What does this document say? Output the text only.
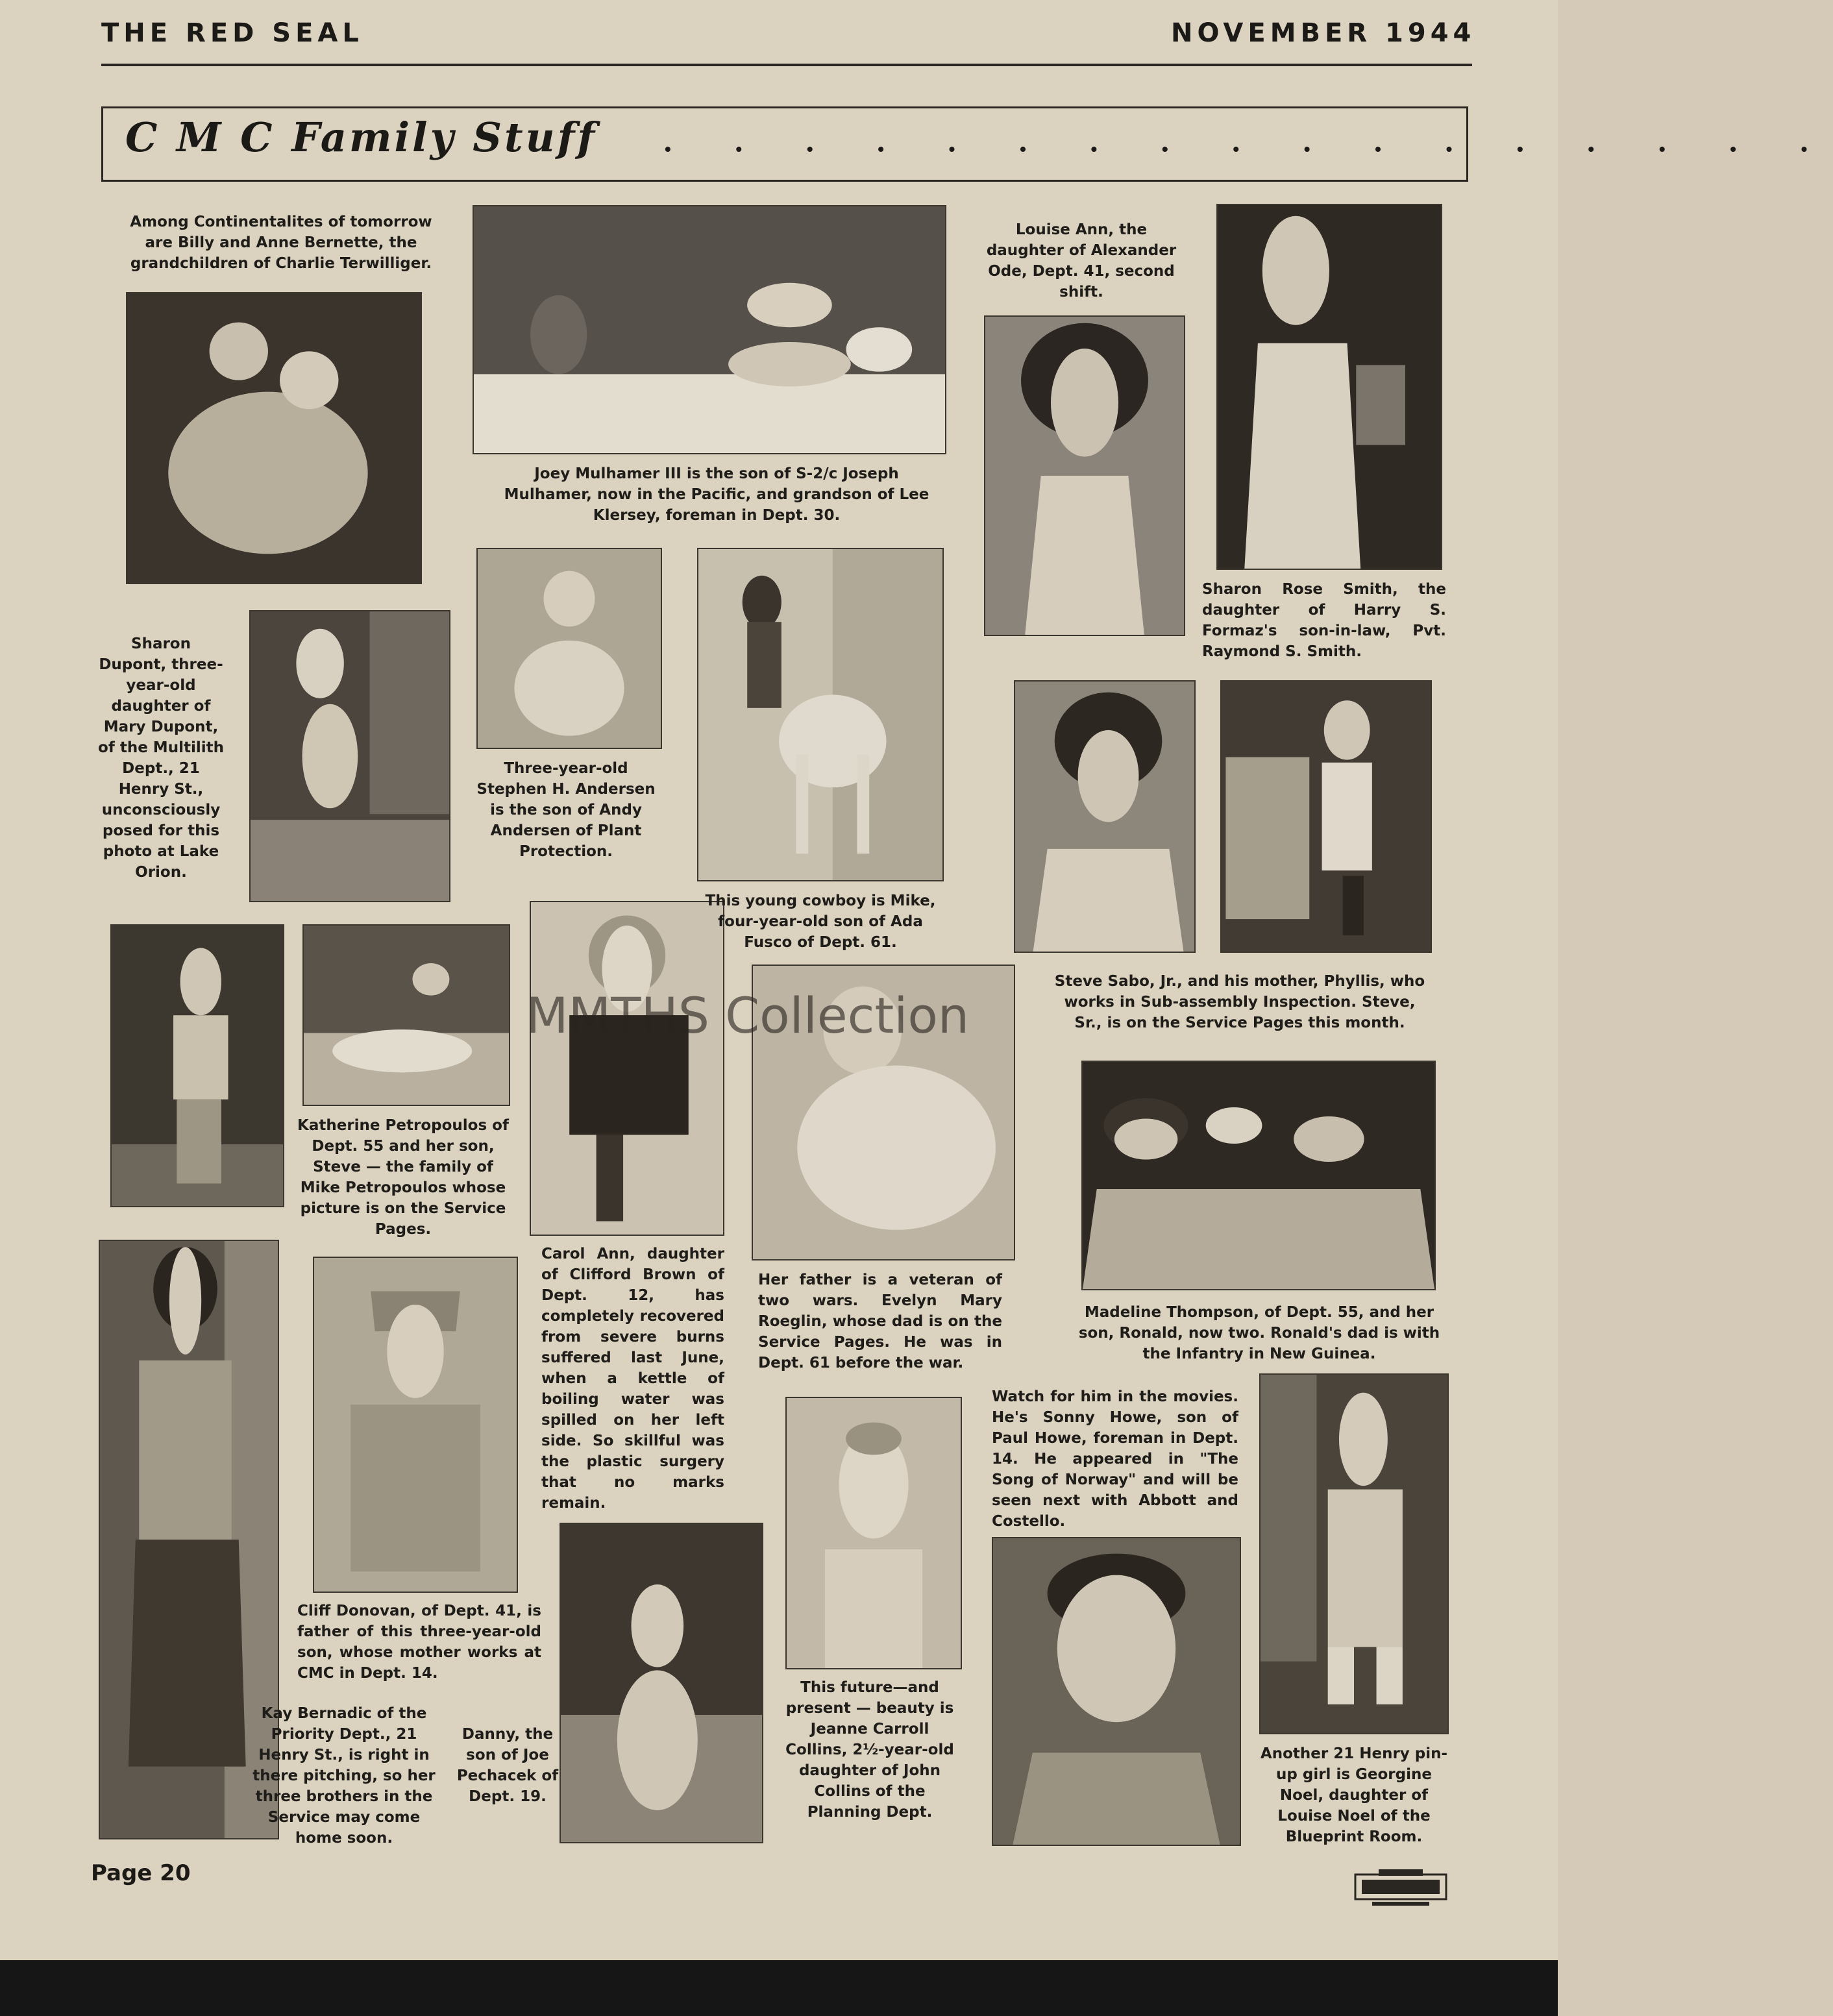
THE RED SEAL	NOVEMBER 1944
C M C Family Stuff . . . . . . . . . . . . . . . . .

Among Continentalites of tomorrow are Billy and Anne Bernette, the grandchildren of Charlie Terwilliger.

Joey Mulhamer III is the son of S-2/c Joseph Mulhamer, now in the Pacific, and grandson of Lee Klersey, foreman in Dept. 30.

Louise Ann, the daughter of Alexander Ode, Dept. 41, second shift.

Sharon Rose Smith, the daughter of Harry S. Formaz's son-in-law, Pvt. Raymond S. Smith.

Sharon Dupont, three-year-old daughter of Mary Dupont, of the Multilith Dept., 21 Henry St., unconsciously posed for this photo at Lake Orion.

Three-year-old Stephen H. Andersen is the son of Andy Andersen of Plant Protection.

This young cowboy is Mike, four-year-old son of Ada Fusco of Dept. 61.

Steve Sabo, Jr., and his mother, Phyllis, who works in Sub-assembly Inspection. Steve, Sr., is on the Service Pages this month.

Katherine Petropoulos of Dept. 55 and her son, Steve — the family of Mike Petropoulos whose picture is on the Service Pages.

Carol Ann, daughter of Clifford Brown of Dept. 12, has completely recovered from severe burns suffered last June, when a kettle of boiling water was spilled on her left side. So skillful was the plastic surgery that no marks remain.

Her father is a veteran of two wars. Evelyn Mary Roeglin, whose dad is on the Service Pages. He was in Dept. 61 before the war.

Madeline Thompson, of Dept. 55, and her son, Ronald, now two. Ronald's dad is with the Infantry in New Guinea.

Cliff Donovan, of Dept. 41, is father of this three-year-old son, whose mother works at CMC in Dept. 14.

Kay Bernadic of the Priority Dept., 21 Henry St., is right in there pitching, so her three brothers in the Service may come home soon.

Danny, the son of Joe Pechacek of Dept. 19.

This future—and present — beauty is Jeanne Carroll Collins, 2½-year-old daughter of John Collins of the Planning Dept.

Watch for him in the movies. He's Sonny Howe, son of Paul Howe, foreman in Dept. 14. He appeared in "The Song of Norway" and will be seen next with Abbott and Costello.

Another 21 Henry pin-up girl is Georgine Noel, daughter of Louise Noel of the Blueprint Room.

Page 20
MMTHS Collection
